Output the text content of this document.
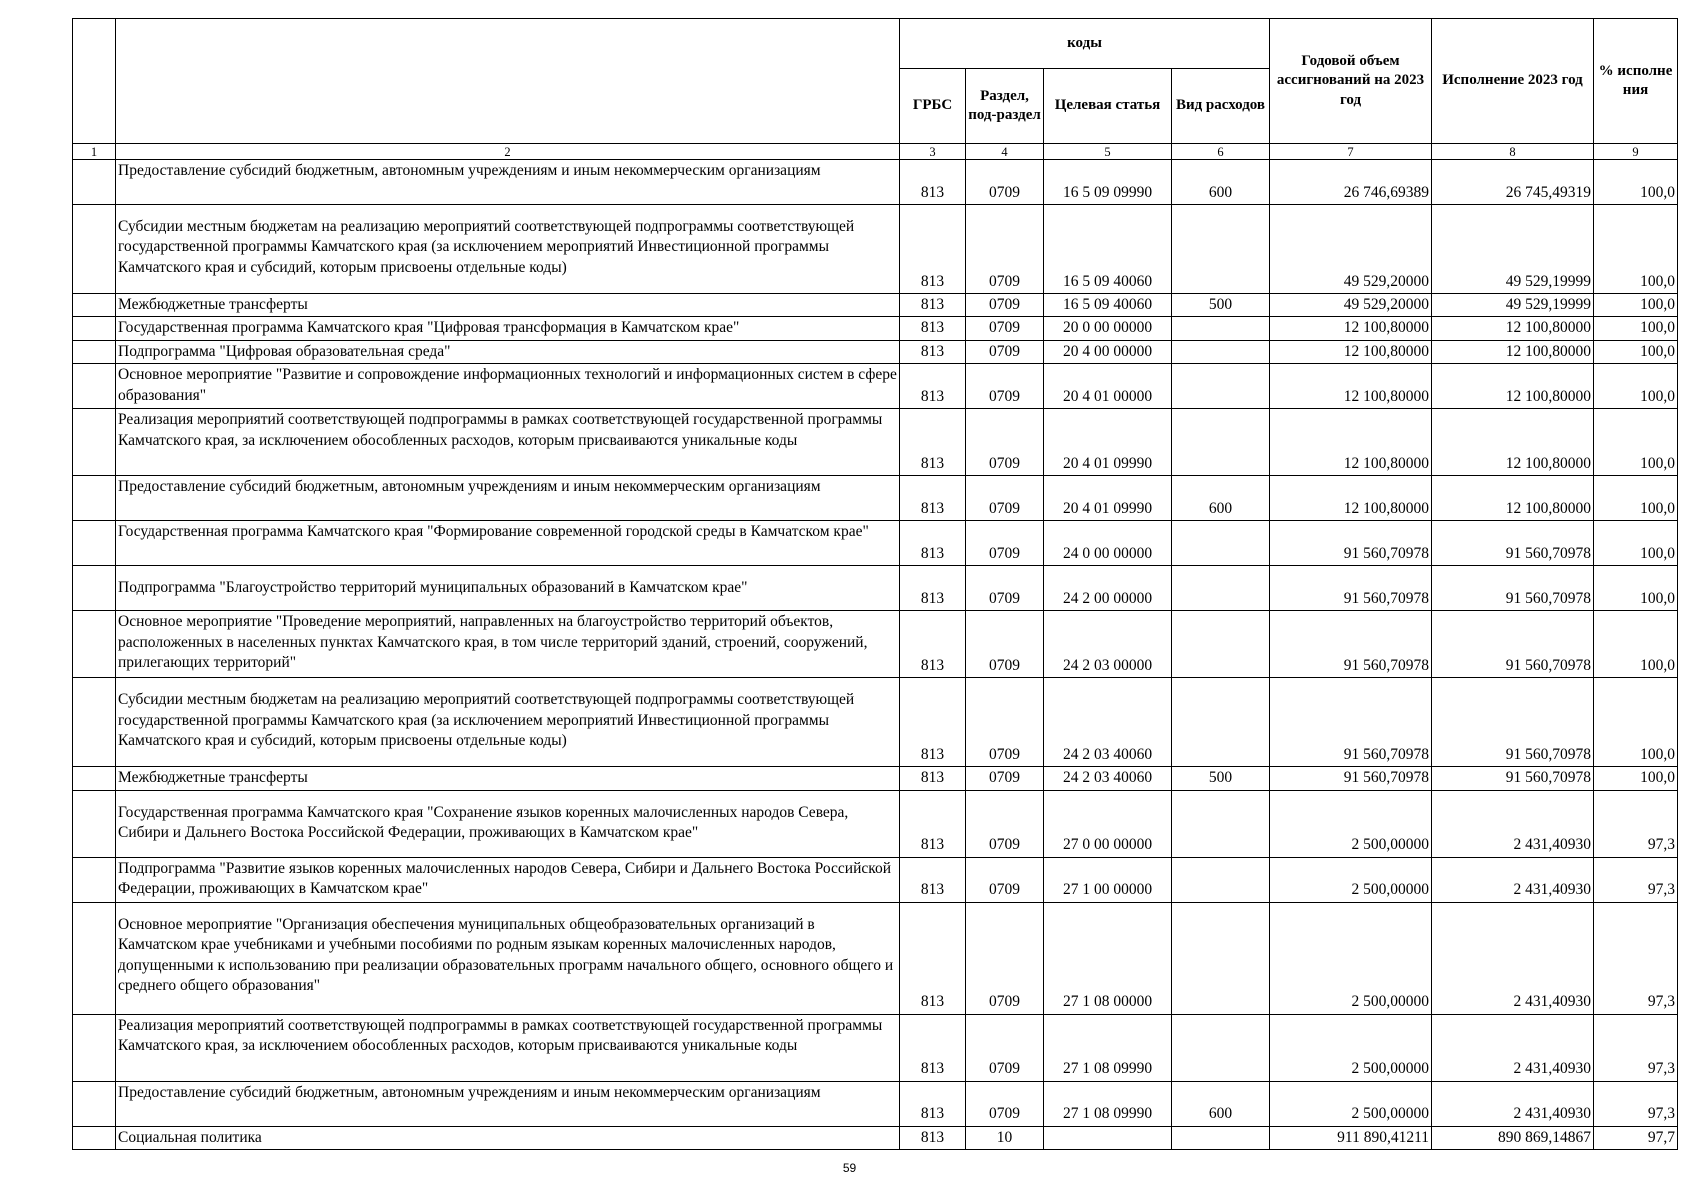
		коды				Годовой объем ассигнований на 2023 год	Исполнение 2023 год	% исполне ния
		ГРБС	Раздел, под-раздел	Целевая статья	Вид расходов			
1	2	3	4	5	6	7	8	9
	Предоставление субсидий бюджетным, автономным учреждениям и иным некоммерческим организациям	813	0709	16 5 09 09990	600	26 746,69389	26 745,49319	100,0
	Субсидии местным бюджетам на реализацию мероприятий соответствующей подпрограммы соответствующей государственной программы Камчатского края (за исключением мероприятий Инвестиционной программы Камчатского края и субсидий, которым присвоены отдельные коды)	813	0709	16 5 09 40060		49 529,20000	49 529,19999	100,0
	Межбюджетные трансферты	813	0709	16 5 09 40060	500	49 529,20000	49 529,19999	100,0
	Государственная программа Камчатского края "Цифровая трансформация в Камчатском крае"	813	0709	20 0 00 00000		12 100,80000	12 100,80000	100,0
	Подпрограмма "Цифровая образовательная среда"	813	0709	20 4 00 00000		12 100,80000	12 100,80000	100,0
	Основное мероприятие "Развитие и сопровождение информационных технологий и информационных систем в сфере образования"	813	0709	20 4 01 00000		12 100,80000	12 100,80000	100,0
	Реализация мероприятий соответствующей подпрограммы в рамках соответствующей государственной программы Камчатского края, за исключением обособленных расходов, которым присваиваются уникальные коды	813	0709	20 4 01 09990		12 100,80000	12 100,80000	100,0
	Предоставление субсидий бюджетным, автономным учреждениям и иным некоммерческим организациям	813	0709	20 4 01 09990	600	12 100,80000	12 100,80000	100,0
	Государственная программа Камчатского края "Формирование современной городской среды в Камчатском крае"	813	0709	24 0 00 00000		91 560,70978	91 560,70978	100,0
	Подпрограмма "Благоустройство территорий муниципальных образований в Камчатском крае"	813	0709	24 2 00 00000		91 560,70978	91 560,70978	100,0
	Основное мероприятие "Проведение мероприятий, направленных на благоустройство территорий объектов, расположенных в населенных пунктах Камчатского края, в том числе территорий зданий, строений, сооружений, прилегающих территорий"	813	0709	24 2 03 00000		91 560,70978	91 560,70978	100,0
	Субсидии местным бюджетам на реализацию мероприятий соответствующей подпрограммы соответствующей государственной программы Камчатского края (за исключением мероприятий Инвестиционной программы Камчатского края и субсидий, которым присвоены отдельные коды)	813	0709	24 2 03 40060		91 560,70978	91 560,70978	100,0
	Межбюджетные трансферты	813	0709	24 2 03 40060	500	91 560,70978	91 560,70978	100,0
	Государственная программа Камчатского края "Сохранение языков коренных малочисленных народов Севера, Сибири и Дальнего Востока Российской Федерации, проживающих в Камчатском крае"	813	0709	27 0 00 00000		2 500,00000	2 431,40930	97,3
	Подпрограмма "Развитие языков коренных малочисленных народов Севера, Сибири и Дальнего Востока Российской Федерации, проживающих в Камчатском крае"	813	0709	27 1 00 00000		2 500,00000	2 431,40930	97,3
	Основное мероприятие "Организация обеспечения муниципальных общеобразовательных организаций в Камчатском крае учебниками и учебными пособиями по родным языкам коренных малочисленных народов, допущенными к использованию при реализации образовательных программ начального общего, основного общего и среднего общего образования"	813	0709	27 1 08 00000		2 500,00000	2 431,40930	97,3
	Реализация мероприятий соответствующей подпрограммы в рамках соответствующей государственной программы Камчатского края, за исключением обособленных расходов, которым присваиваются уникальные коды	813	0709	27 1 08 09990		2 500,00000	2 431,40930	97,3
	Предоставление субсидий бюджетным, автономным учреждениям и иным некоммерческим организациям	813	0709	27 1 08 09990	600	2 500,00000	2 431,40930	97,3
	Социальная политика	813	10			911 890,41211	890 869,14867	97,7
59
